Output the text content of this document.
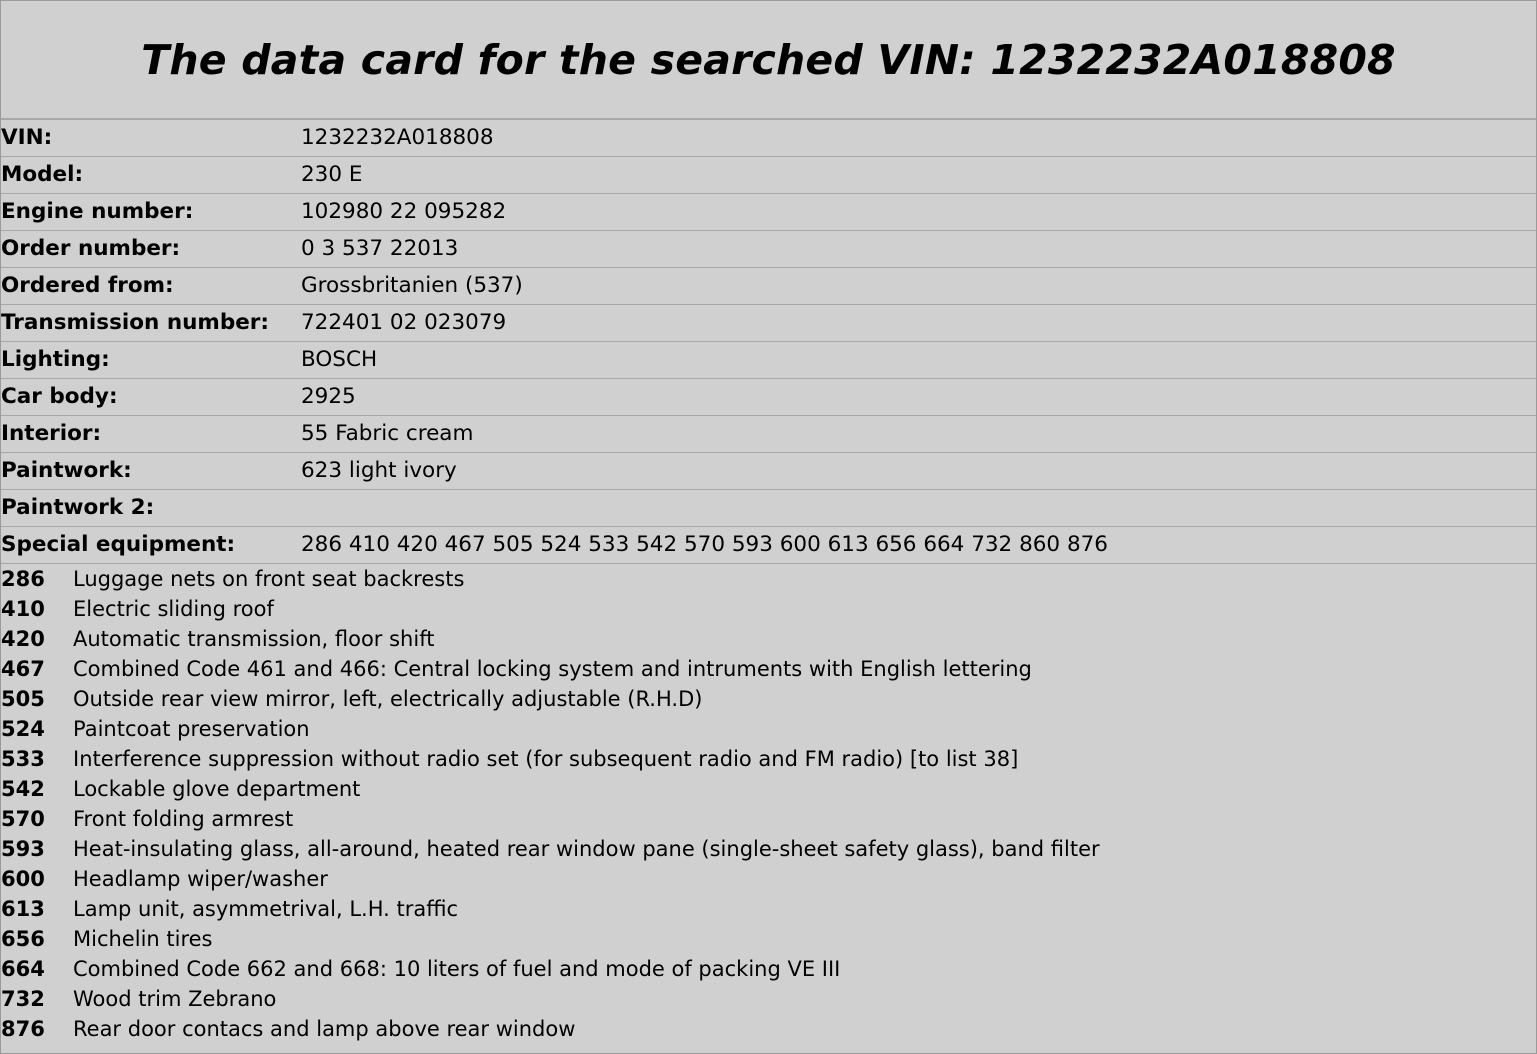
The data card for the searched VIN: 1232232A018808
VIN:	1232232A018808
Model:	230 E
Engine number:	102980 22 095282
Order number:	0 3 537 22013
Ordered from:	Grossbritanien (537)
Transmission number:	722401 02 023079
Lighting:	BOSCH
Car body:	2925
Interior:	55 Fabric cream
Paintwork:	623 light ivory
Paintwork 2:	
Special equipment:	286 410 420 467 505 524 533 542 570 593 600 613 656 664 732 860 876
286	Luggage nets on front seat backrests
410	Electric sliding roof
420	Automatic transmission, floor shift
467	Combined Code 461 and 466: Central locking system and intruments with English lettering
505	Outside rear view mirror, left, electrically adjustable (R.H.D)
524	Paintcoat preservation
533	Interference suppression without radio set (for subsequent radio and FM radio) [to list 38]
542	Lockable glove department
570	Front folding armrest
593	Heat-insulating glass, all-around, heated rear window pane (single-sheet safety glass), band filter
600	Headlamp wiper/washer
613	Lamp unit, asymmetrival, L.H. traffic
656	Michelin tires
664	Combined Code 662 and 668: 10 liters of fuel and mode of packing VE III
732	Wood trim Zebrano
876	Rear door contacs and lamp above rear window
